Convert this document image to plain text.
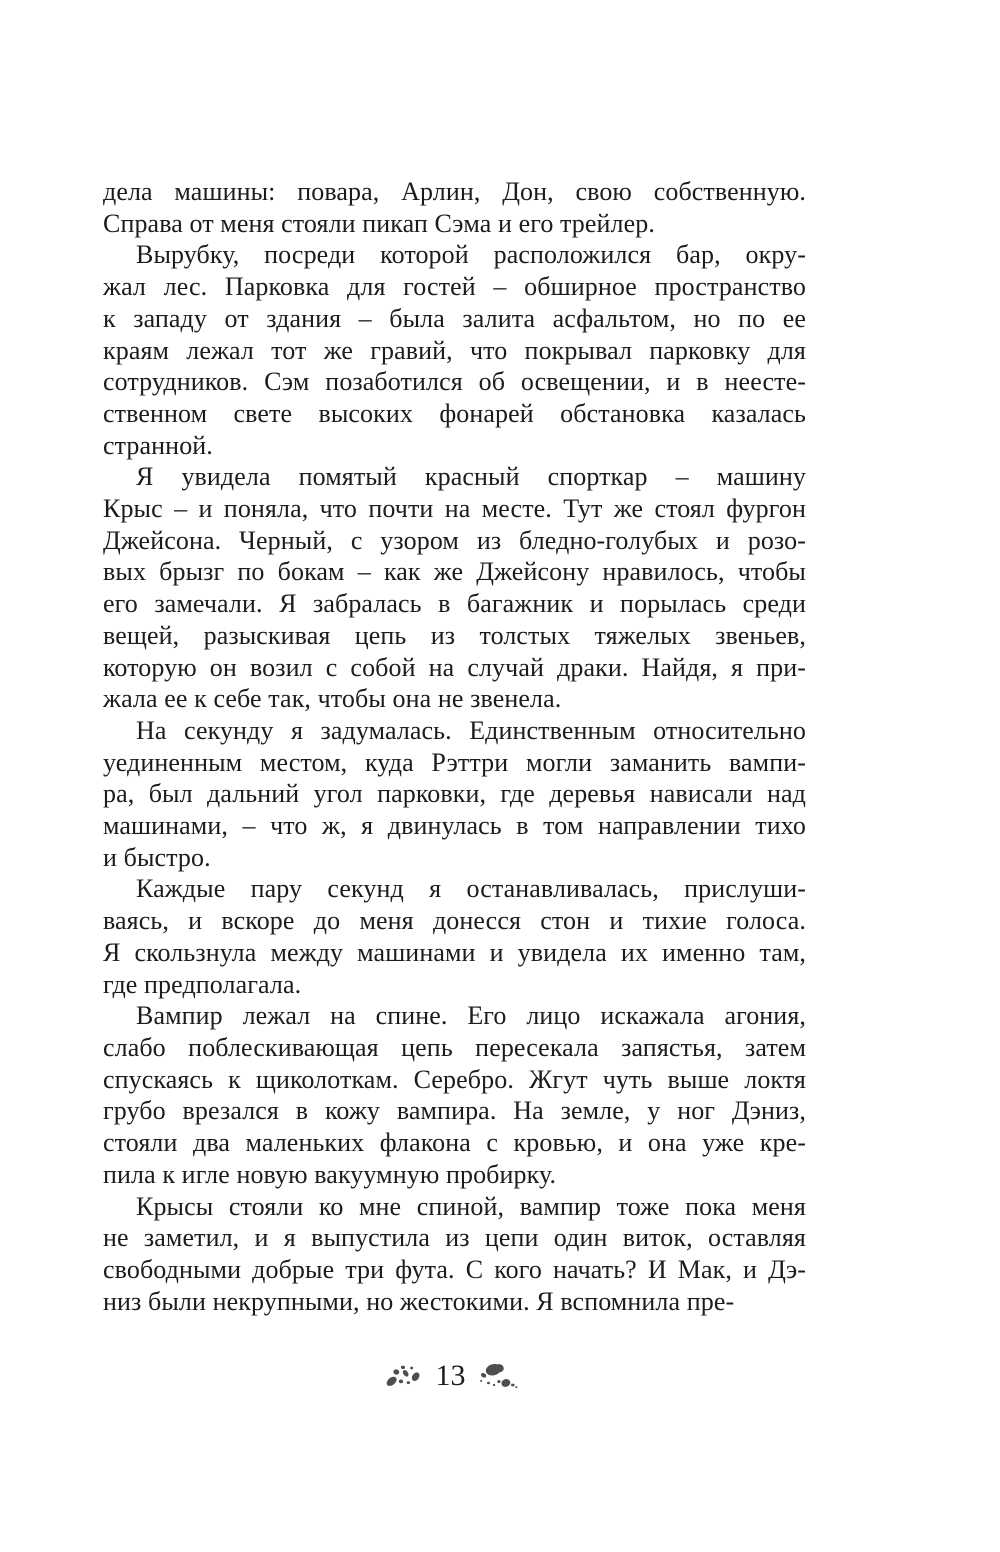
дела машины: повара, Арлин, Дон, свою собственную.
Справа от меня стояли пикап Сэма и его трейлер.
Вырубку, посреди которой расположился бар, окру-
жал лес. Парковка для гостей – обширное пространство
к западу от здания – была залита асфальтом, но по ее
краям лежал тот же гравий, что покрывал парковку для
сотрудников. Сэм позаботился об освещении, и в неесте-
ственном свете высоких фонарей обстановка казалась
странной.
Я увидела помятый красный спорткар – машину
Крыс – и поняла, что почти на месте. Тут же стоял фургон
Джейсона. Черный, с узором из бледно-голубых и розо-
вых брызг по бокам – как же Джейсону нравилось, чтобы
его замечали. Я забралась в багажник и порылась среди
вещей, разыскивая цепь из толстых тяжелых звеньев,
которую он возил с собой на случай драки. Найдя, я при-
жала ее к себе так, чтобы она не звенела.
На секунду я задумалась. Единственным относительно
уединенным местом, куда Рэттри могли заманить вампи-
ра, был дальний угол парковки, где деревья нависали над
машинами, – что ж, я двинулась в том направлении тихо
и быстро.
Каждые пару секунд я останавливалась, прислуши-
ваясь, и вскоре до меня донесся стон и тихие голоса.
Я скользнула между машинами и увидела их именно там,
где предполагала.
Вампир лежал на спине. Его лицо искажала агония,
слабо поблескивающая цепь пересекала запястья, затем
спускаясь к щиколоткам. Серебро. Жгут чуть выше локтя
грубо врезался в кожу вампира. На земле, у ног Дэниз,
стояли два маленьких флакона с кровью, и она уже кре-
пила к игле новую вакуумную пробирку.
Крысы стояли ко мне спиной, вампир тоже пока меня
не заметил, и я выпустила из цепи один виток, оставляя
свободными добрые три фута. С кого начать? И Мак, и Дэ-
низ были некрупными, но жестокими. Я вспомнила пре-
13
